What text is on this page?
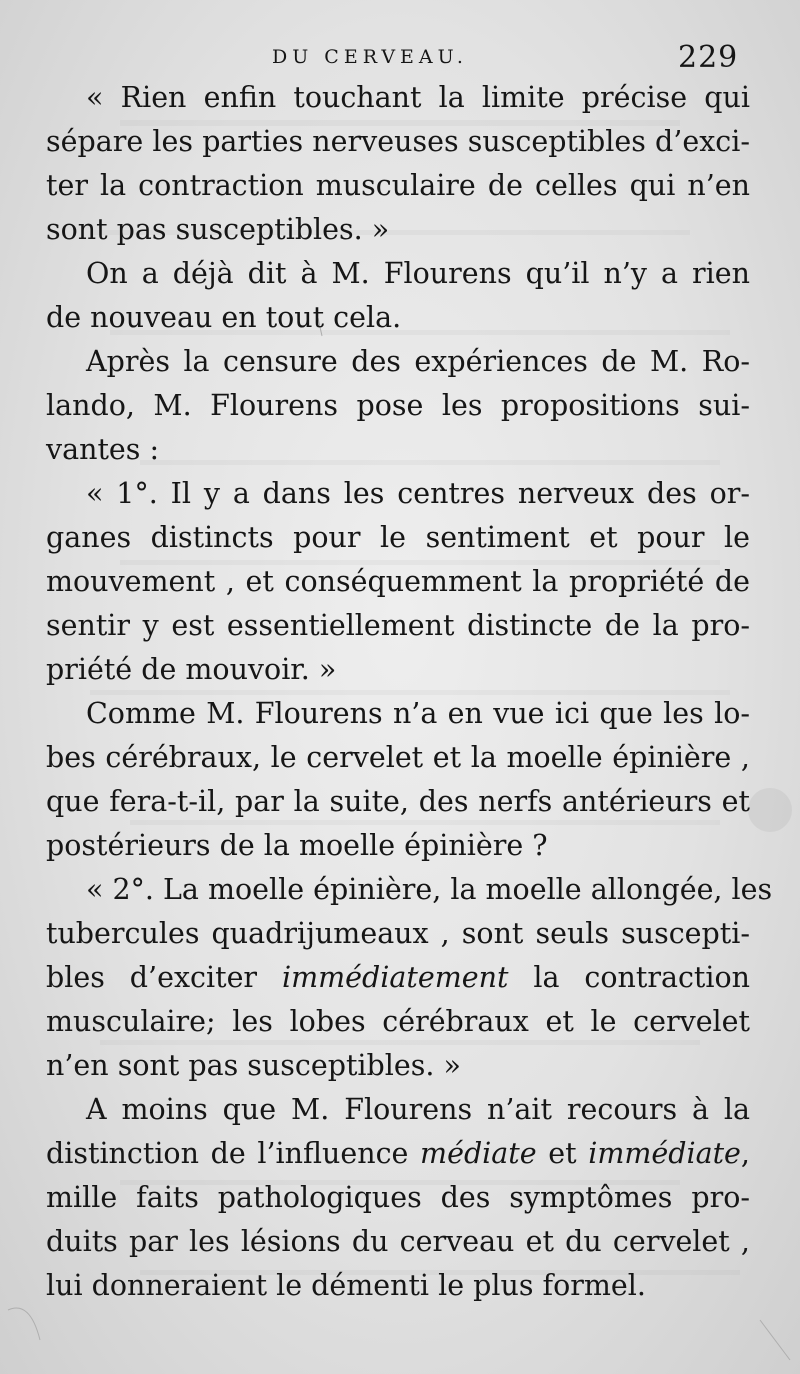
DU CERVEAU.	229
« Rien enfin touchant la limite précise qui
sépare les parties nerveuses susceptibles d’exci-
ter la contraction musculaire de celles qui n’en
sont pas susceptibles. »
On a déjà dit à M. Flourens qu’il n’y a rien
de nouveau en tout cela.
Après la censure des expériences de M. Ro-
lando, M. Flourens pose les propositions sui-
vantes :
« 1°. Il y a dans les centres nerveux des or-
ganes distincts pour le sentiment et pour le
mouvement , et conséquemment la propriété de
sentir y est essentiellement distincte de la pro-
priété de mouvoir. »
Comme M. Flourens n’a en vue ici que les lo-
bes cérébraux, le cervelet et la moelle épinière ,
que fera-t-il, par la suite, des nerfs antérieurs et
postérieurs de la moelle épinière ?
« 2°. La moelle épinière, la moelle allongée, les
tubercules quadrijumeaux , sont seuls suscepti-
bles d’exciter immédiatement la contraction
musculaire; les lobes cérébraux et le cervelet
n’en sont pas susceptibles. »
A moins que M. Flourens n’ait recours à la
distinction de l’influence médiate et immédiate,
mille faits pathologiques des symptômes pro-
duits par les lésions du cerveau et du cervelet ,
lui donneraient le démenti le plus formel.
